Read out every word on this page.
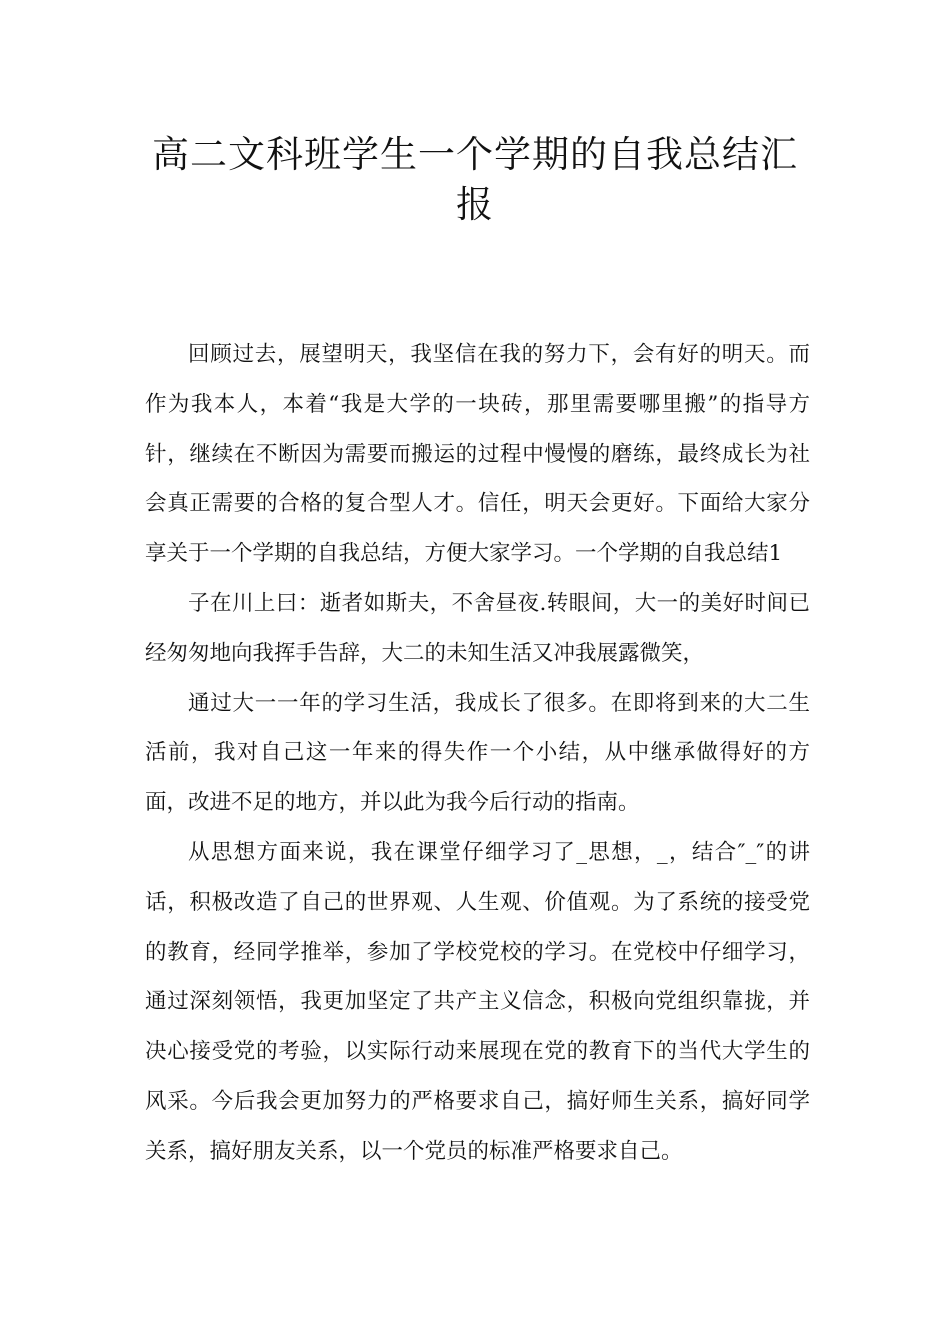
高二文科班学生一个学期的自我总结汇
报

回顾过去，展望明天，我坚信在我的努力下，会有好的明天。而作为我本人，本着“我是大学的一块砖，那里需要哪里搬”的指导方针，继续在不断因为需要而搬运的过程中慢慢的磨练，最终成长为社会真正需要的合格的复合型人才。信任，明天会更好。下面给大家分享关于一个学期的自我总结，方便大家学习。一个学期的自我总结1

子在川上曰：逝者如斯夫，不舍昼夜.转眼间，大一的美好时间已经匆匆地向我挥手告辞，大二的未知生活又冲我展露微笑，

通过大一一年的学习生活，我成长了很多。在即将到来的大二生活前，我对自己这一年来的得失作一个小结，从中继承做得好的方面，改进不足的地方，并以此为我今后行动的指南。

从思想方面来说，我在课堂仔细学习了_思想，_，结合″_″的讲话，积极改造了自己的世界观、人生观、价值观。为了系统的接受党的教育，经同学推举，参加了学校党校的学习。在党校中仔细学习，通过深刻领悟，我更加坚定了共产主义信念，积极向党组织靠拢，并决心接受党的考验，以实际行动来展现在党的教育下的当代大学生的风采。今后我会更加努力的严格要求自己，搞好师生关系，搞好同学关系，搞好朋友关系，以一个党员的标准严格要求自己。
